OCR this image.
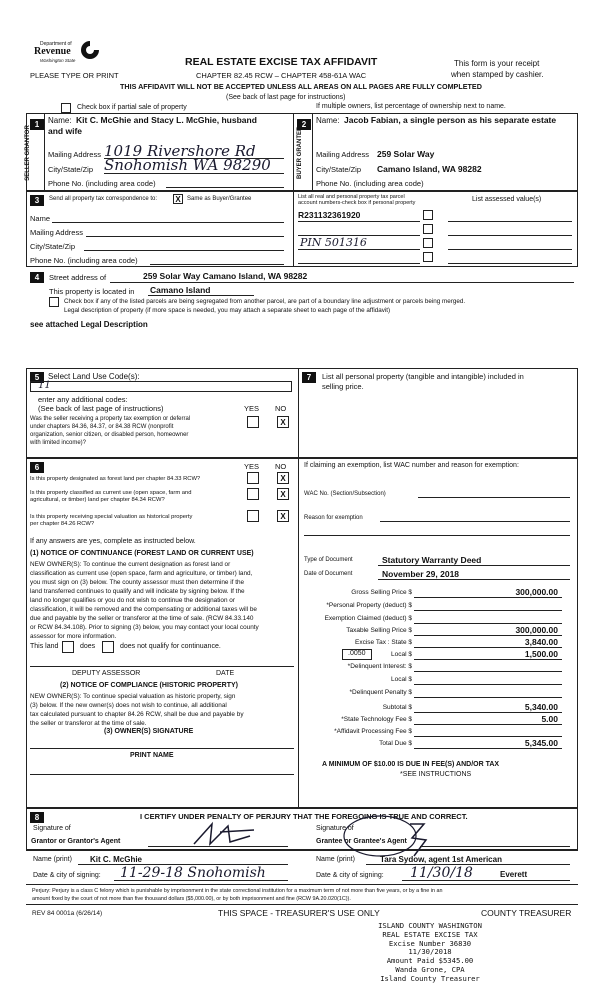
Department of
Revenue
Washington State	REAL ESTATE EXCISE TAX AFFIDAVIT	This form is your receipt
when stamped by cashier.
PLEASE TYPE OR PRINT	CHAPTER 82.45 RCW – CHAPTER 458-61A WAC
THIS AFFIDAVIT WILL NOT BE ACCEPTED UNLESS ALL AREAS ON ALL PAGES ARE FULLY COMPLETED
(See back of last page for instructions)
Check box if partial sale of property	If multiple owners, list percentage of ownership next to name.
1
SELLER GRANTOR
Name: Kit C. McGhie and Stacy L. McGhie, husband
and wife
Mailing Address 1019 Rivershore Rd
City/State/Zip Snohomish WA 98290
Phone No. (including area code)
2
BUYER GRANTEE
Name: Jacob Fabian, a single person as his separate estate
Mailing Address 259 Solar Way
City/State/Zip Camano Island, WA 98282
Phone No. (including area code)
3	Send all property tax correspondence to: X	Same as Buyer/Grantee
Name
Mailing Address
City/State/Zip
Phone No. (including area code)
List all real and personal property tax parcel
account numbers-check box if personal property	List assessed value(s)
R231132361920
PIN 501316
4	Street address of	259 Solar Way Camano Island, WA 98282
This property is located in Camano Island
Check box if any of the listed parcels are being segregated from another parcel, are part of a boundary line adjustment or parcels being merged.
Legal description of property (if more space is needed, you may attach a separate sheet to each page of the affidavit)
see attached Legal Description
5	Select Land Use Code(s):
11
enter any additional codes:
(See back of last page of instructions)	YES NO
Was the seller receiving a property tax exemption or deferral
under chapters 84.36, 84.37, or 84.38 RCW (nonprofit
organization, senior citizen, or disabled person, homeowner
with limited income)?
X
7	List all personal property (tangible and intangible) included in
selling price.
6	YES NO
Is this property designated as forest land per chapter 84.33 RCW?	X
Is this property classified as current use (open space, farm and
agricultural, or timber) land per chapter 84.34 RCW?
X
Is this property receiving special valuation as historical property
per chapter 84.26 RCW?
X
If any answers are yes, complete as instructed below.
(1) NOTICE OF CONTINUANCE (FOREST LAND OR CURRENT USE)
NEW OWNER(S): To continue the current designation as forest land or
classification as current use (open space, farm and agriculture, or timber) land,
you must sign on (3) below. The county assessor must then determine if the
land transferred continues to qualify and will indicate by signing below. If the
land no longer qualifies or you do not wish to continue the designation or
classification, it will be removed and the compensating or additional taxes will be
due and payable by the seller or transferor at the time of sale. (RCW 84.33.140
or RCW 84.34.108). Prior to signing (3) below, you may contact your local county
assessor for more information.
This land	does	does not qualify for continuance.
DEPUTY ASSESSOR	DATE
(2) NOTICE OF COMPLIANCE (HISTORIC PROPERTY)
NEW OWNER(S): To continue special valuation as historic property, sign
(3) below. If the new owner(s) does not wish to continue, all additional
tax calculated pursuant to chapter 84.26 RCW, shall be due and payable by
the seller or transferor at the time of sale.
(3) OWNER(S) SIGNATURE
PRINT NAME
If claiming an exemption, list WAC number and reason for exemption:
WAC No. (Section/Subsection)
Reason for exemption
Type of Document	Statutory Warranty Deed
Date of Document	November 29, 2018
Gross Selling Price $	300,000.00
*Personal Property (deduct) $
Exemption Claimed (deduct) $
Taxable Selling Price $	300,000.00
Excise Tax : State $	3,840.00
.0050	Local $	1,500.00
*Delinquent Interest: $
Local $
*Delinquent Penalty $
Subtotal $	5,340.00
*State Technology Fee $	5.00
*Affidavit Processing Fee $
Total Due $	5,345.00
A MINIMUM OF $10.00 IS DUE IN FEE(S) AND/OR TAX
*SEE INSTRUCTIONS
8	I CERTIFY UNDER PENALTY OF PERJURY THAT THE FOREGOING IS TRUE AND CORRECT.
Signature of
Grantor or Grantor's Agent
Name (print) Kit C. McGhie
Date & city of signing: 11-29-18 Snohomish
Signature of
Grantee or Grantee's Agent
Name (print)	Tara Sydow, agent 1st American
Date & city of signing: 11/30/18	Everett
Perjury: Perjury is a class C felony which is punishable by imprisonment in the state correctional institution for a maximum term of not more than five years, or by a fine in an
amount fixed by the court of not more than five thousand dollars ($5,000.00), or by both imprisonment and fine (RCW 9A.20.020(1C)).
REV 84 0001a (6/26/14)	THIS SPACE - TREASURER'S USE ONLY	COUNTY TREASURER
ISLAND COUNTY WASHINGTON
REAL ESTATE EXCISE TAX
Excise Number 36830
11/30/2018
Amount Paid $5345.00
Wanda Grone, CPA
Island County Treasurer
